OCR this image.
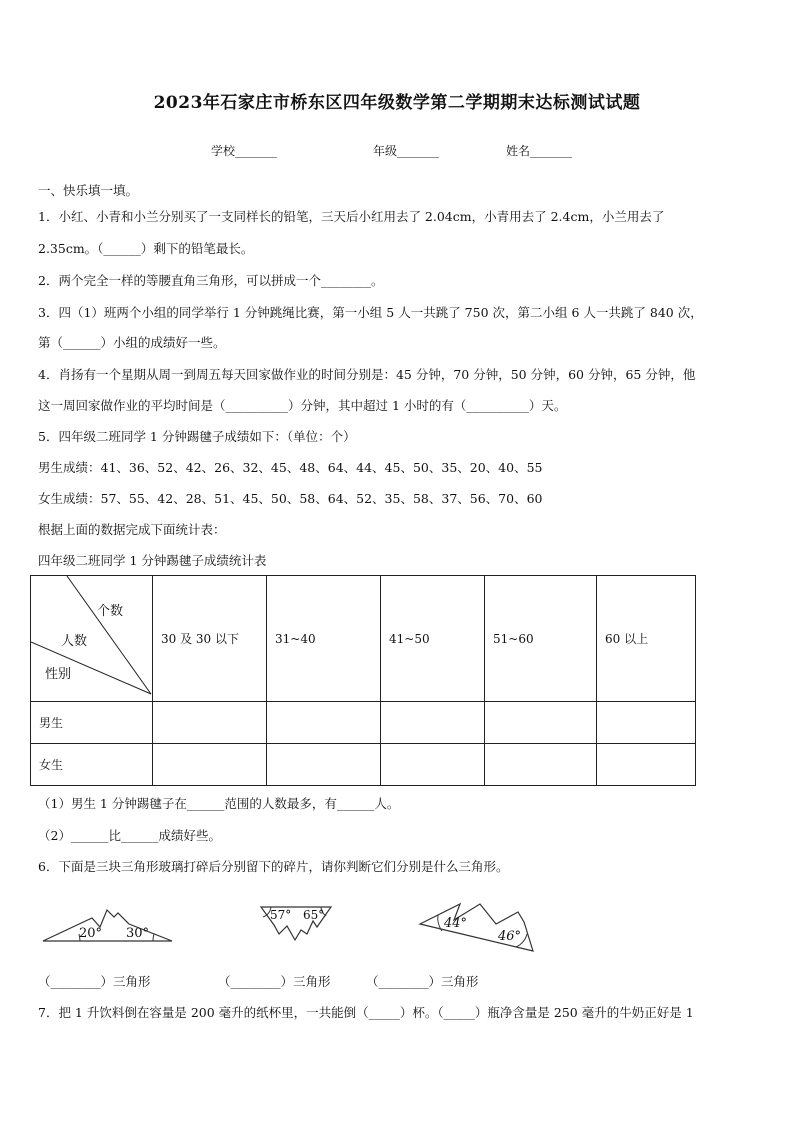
2023年石家庄市桥东区四年级数学第二学期期末达标测试试题
学校_______	年级_______	姓名_______
一、快乐填一填。
1．小红、小青和小兰分别买了一支同样长的铅笔，三天后小红用去了 2.04cm，小青用去了 2.4cm，小兰用去了
2.35cm。（______）剩下的铅笔最长。
2．两个完全一样的等腰直角三角形，可以拼成一个________。
3．四（1）班两个小组的同学举行 1 分钟跳绳比赛，第一小组 5 人一共跳了 750 次，第二小组 6 人一共跳了 840 次，
第（______）小组的成绩好一些。
4．肖扬有一个星期从周一到周五每天回家做作业的时间分别是：45 分钟，70 分钟，50 分钟，60 分钟，65 分钟，他
这一周回家做作业的平均时间是（__________）分钟，其中超过 1 小时的有（__________）天。
5．四年级二班同学 1 分钟踢毽子成绩如下：（单位：个）
男生成绩：41、36、52、42、26、32、45、48、64、44、45、50、35、20、40、55
女生成绩：57、55、42、28、51、45、50、58、64、52、35、58、37、56、70、60
根据上面的数据完成下面统计表：
四年级二班同学 1 分钟踢毽子成绩统计表
个数
人数
性别	30 及 30 以下	31~40	41~50	51~60	60 以上
男生					
女生					
（1）男生 1 分钟踢毽子在______范围的人数最多，有______人。
（2）______比______成绩好些。
6．下面是三块三角形玻璃打碎后分别留下的碎片，请你判断它们分别是什么三角形。
20° 30°
57° 65°
44°
46°
（________）三角形	（________）三角形	（________）三角形
7．把 1 升饮料倒在容量是 200 毫升的纸杯里，一共能倒（_____）杯。（_____）瓶净含量是 250 毫升的牛奶正好是 1
